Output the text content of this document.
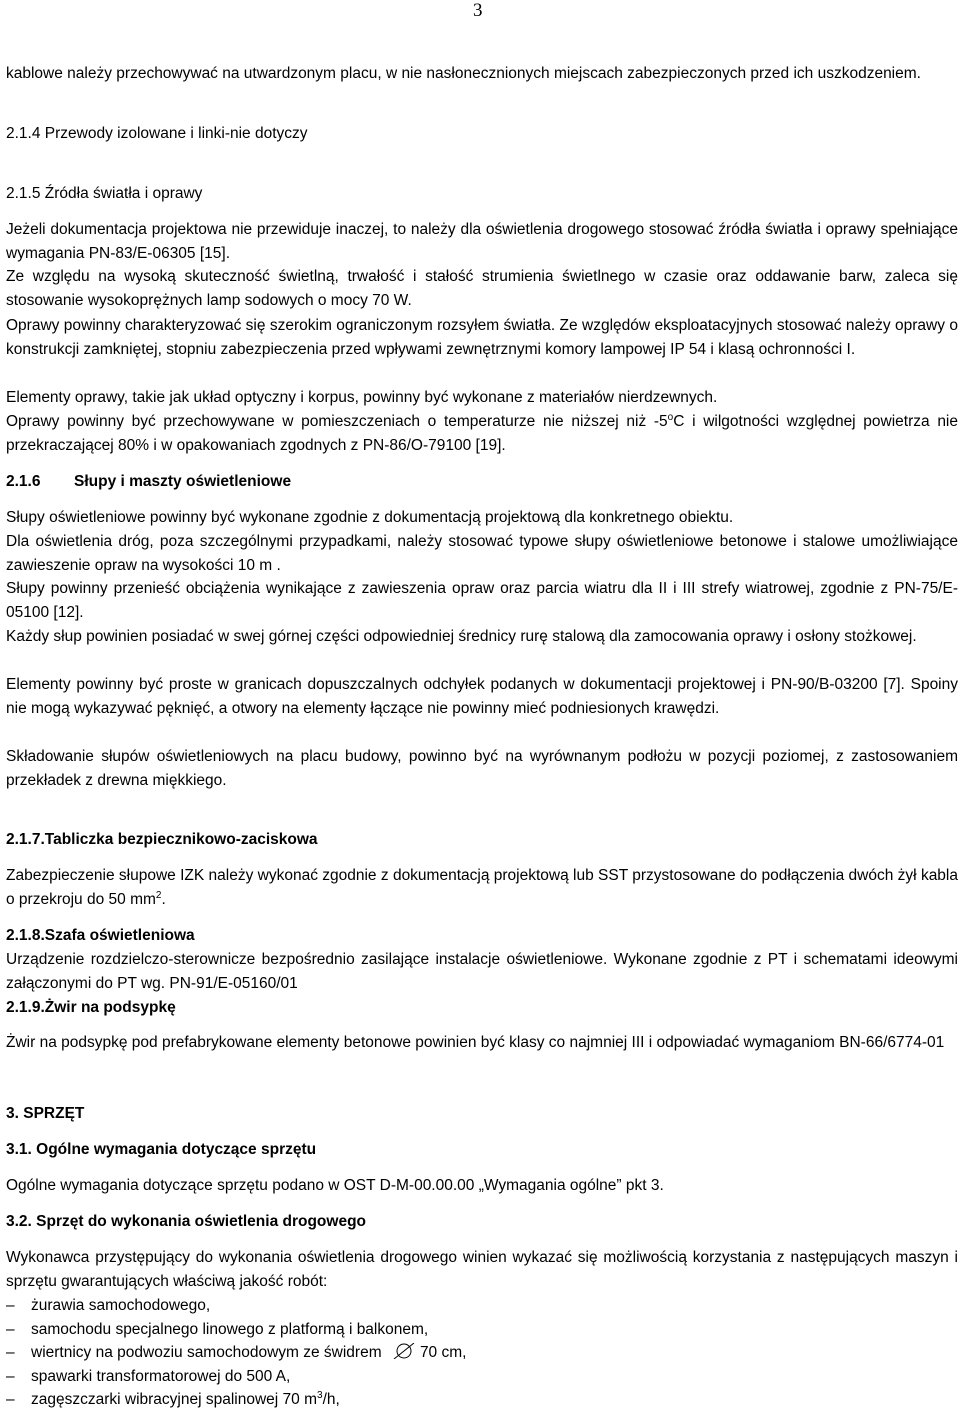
3
kablowe należy przechowywać na utwardzonym placu, w nie nasłonecznionych miejscach zabezpieczonych przed ich uszkodzeniem.
2.1.4 Przewody izolowane i linki-nie dotyczy
2.1.5 Źródła światła i oprawy
Jeżeli dokumentacja projektowa nie przewiduje inaczej, to należy dla oświetlenia drogowego stosować źródła światła i oprawy spełniające wymagania PN-83/E-06305 [15].
Ze względu na wysoką skuteczność świetlną, trwałość i stałość strumienia świetlnego w czasie oraz oddawanie barw, zaleca się stosowanie wysokoprężnych lamp sodowych o mocy 70 W.
Oprawy powinny charakteryzować się szerokim ograniczonym rozsyłem światła. Ze względów eksploatacyjnych stosować należy oprawy o konstrukcji zamkniętej, stopniu zabezpieczenia przed wpływami zewnętrznymi komory lampowej IP 54 i klasą ochronności I.
Elementy oprawy, takie jak układ optyczny i korpus, powinny być wykonane z materiałów nierdzewnych.
Oprawy powinny być przechowywane w pomieszczeniach o temperaturze nie niższej niż -5$^o$C i wilgotności względnej powietrza nie przekraczającej 80% i w opakowaniach zgodnych z PN-86/O-79100 [19].
2.1.6 Słupy i maszty oświetleniowe
Słupy oświetleniowe powinny być wykonane zgodnie z dokumentacją projektową dla konkretnego obiektu.
Dla oświetlenia dróg, poza szczególnymi przypadkami, należy stosować typowe słupy oświetleniowe betonowe i stalowe umożliwiające zawieszenie opraw na wysokości 10 m .
Słupy powinny przenieść obciążenia wynikające z zawieszenia opraw oraz parcia wiatru dla II i III strefy wiatrowej, zgodnie z PN-75/E-05100 [12].
Każdy słup powinien posiadać w swej górnej części odpowiedniej średnicy rurę stalową dla zamocowania oprawy i osłony stożkowej.
Elementy powinny być proste w granicach dopuszczalnych odchyłek podanych w dokumentacji projektowej i PN-90/B-03200 [7]. Spoiny nie mogą wykazywać pęknięć, a otwory na elementy łączące nie powinny mieć podniesionych krawędzi.
Składowanie słupów oświetleniowych na placu budowy, powinno być na wyrównanym podłożu w pozycji poziomej, z zastosowaniem przekładek z drewna miękkiego.
2.1.7.Tabliczka bezpiecznikowo-zaciskowa
Zabezpieczenie słupowe IZK należy wykonać zgodnie z dokumentacją projektową lub SST przystosowane do podłączenia dwóch żył kabla o przekroju do 50 $mm^2$.
2.1.8.Szafa oświetleniowa
Urządzenie rozdzielczo-sterownicze bezpośrednio zasilające instalacje oświetleniowe. Wykonane zgodnie z PT i schematami ideowymi załączonymi do PT wg. PN-91/E-05160/01
2.1.9.Żwir na podsypkę
Żwir na podsypkę pod prefabrykowane elementy betonowe powinien być klasy co najmniej III i odpowiadać wymaganiom BN-66/6774-01
3. SPRZĘT
3.1. Ogólne wymagania dotyczące sprzętu
Ogólne wymagania dotyczące sprzętu podano w OST D-M-00.00.00 „Wymagania ogólne” pkt 3.
3.2. Sprzęt do wykonania oświetlenia drogowego
Wykonawca przystępujący do wykonania oświetlenia drogowego winien wykazać się możliwością korzystania z następujących maszyn i sprzętu gwarantujących właściwą jakość robót:
– żurawia samochodowego,
– samochodu specjalnego linowego z platformą i balkonem,
– wiertnicy na podwoziu samochodowym ze świdrem 70 cm,
– spawarki transformatorowej do 500 A,
– zagęszczarki wibracyjnej spalinowej 70 $m^3/h$,
